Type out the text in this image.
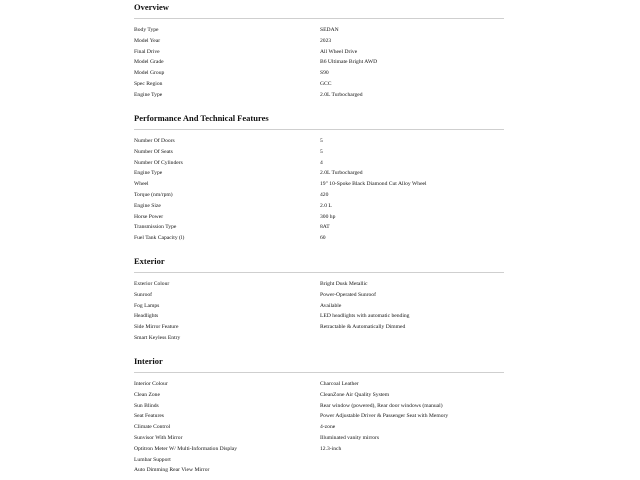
Overview
Body Type	SEDAN
Model Year	2023
Final Drive	All Wheel Drive
Model Grade	B6 Ultimate Bright AWD
Model Group	S90
Spec Region	GCC
Engine Type	2.0L Turbocharged
Performance And Technical Features
Number Of Doors	5
Number Of Seats	5
Number Of Cylinders	4
Engine Type	2.0L Turbocharged
Wheel	19" 10-Spoke Black Diamond Cut Alloy Wheel
Torque (nm/rpm)	420
Engine Size	2.0 L
Horse Power	300 hp
Transmission Type	8AT
Fuel Tank Capacity (l)	60
Exterior
Exterior Colour	Bright Dusk Metallic
Sunroof	Power-Operated Sunroof
Fog Lamps	Available
Headlights	LED headlights with automatic bending
Side Mirror Feature	Retractable & Automatically Dimmed
Smart Keyless Entry
Interior
Interior Colour	Charcoal Leather
Clean Zone	CleanZone Air Quality System
Sun Blinds	Rear window (powered), Rear door windows (manual)
Seat Features	Power Adjustable Driver & Passenger Seat with Memory
Climate Control	4-zone
Sunvisor With Mirror	Illuminated vanity mirrors
Optitron Meter W/ Multi-Information Display	12.3-inch
Lumbar Support
Auto Dimming Rear View Mirror
